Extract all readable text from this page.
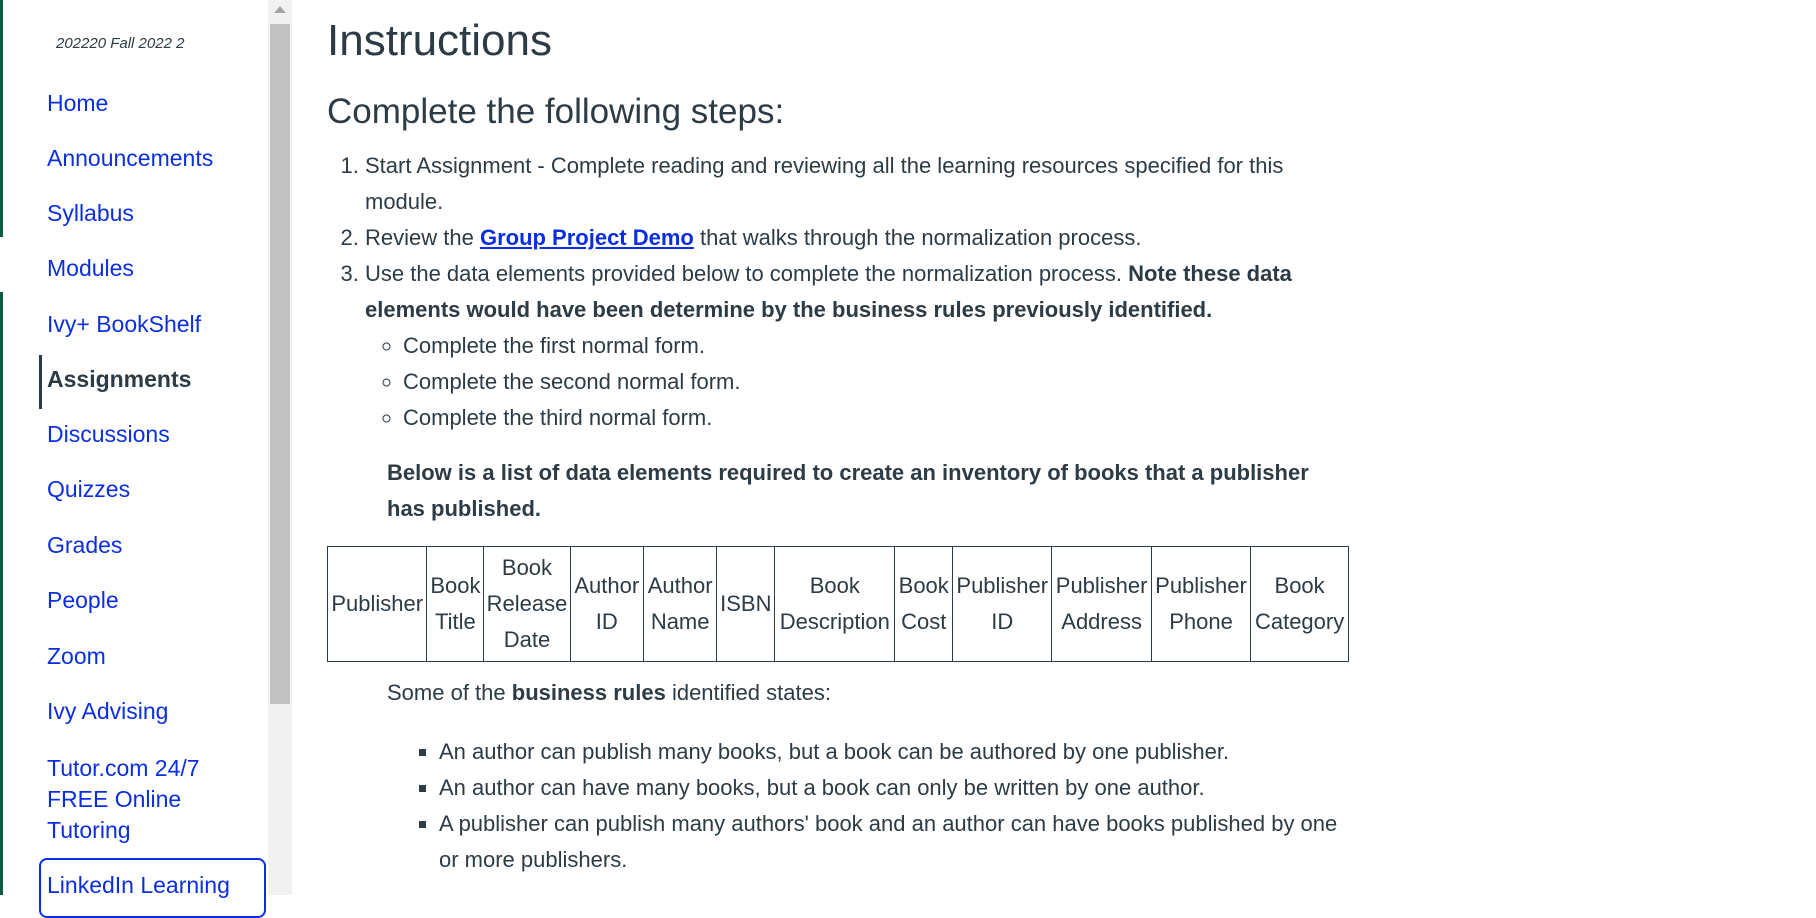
202220 Fall 2022 2
Home
Announcements
Syllabus
Modules
Ivy+ BookShelf
Assignments
Discussions
Quizzes
Grades
People
Zoom
Ivy Advising
Tutor.com 24/7 FREE Online Tutoring
LinkedIn Learning
Instructions
Complete the following steps:
1. Start Assignment - Complete reading and reviewing all the learning resources specified for this module.
2. Review the Group Project Demo that walks through the normalization process.
3. Use the data elements provided below to complete the normalization process. Note these data elements would have been determine by the business rules previously identified.
◦ Complete the first normal form.
◦ Complete the second normal form.
◦ Complete the third normal form.
Below is a list of data elements required to create an inventory of books that a publisher has published.
Publisher	Book Title	Book Release Date	Author ID	Author Name	ISBN	Book Description	Book Cost	Publisher ID	Publisher Address	Publisher Phone	Book Category
Some of the business rules identified states:
▪ An author can publish many books, but a book can be authored by one publisher.
▪ An author can have many books, but a book can only be written by one author.
▪ A publisher can publish many authors' book and an author can have books published by one or more publishers.
